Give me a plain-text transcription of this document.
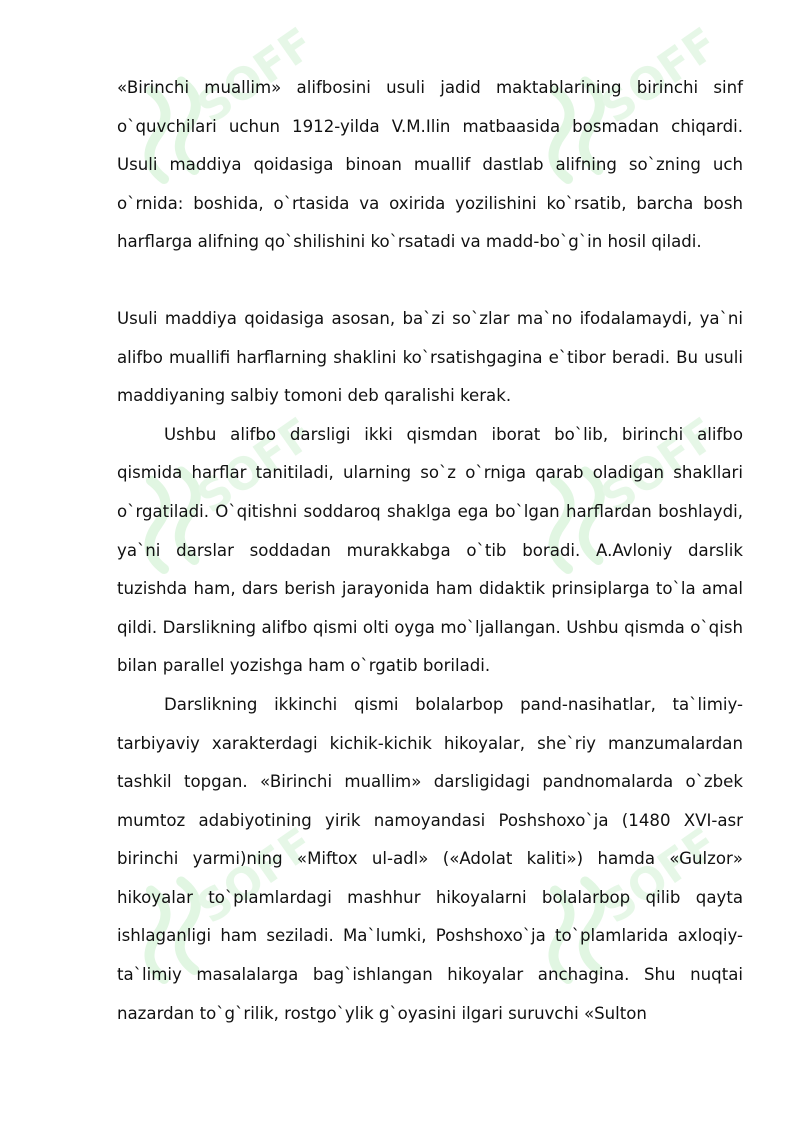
SOFF	SOFF
SOFF	SOFF
SOFF	SOFF

«Birinchi muallim» alifbosini usuli jadid maktablarining birinchi sinf o`quvchilari uchun 1912-yilda V.M.Ilin matbaasida bosmadan chiqardi. Usuli maddiya qoidasiga binoan muallif dastlab alifning so`zning uch o`rnida: boshida, o`rtasida va oxirida yozilishini ko`rsatib, barcha bosh harflarga alifning qo`shilishini ko`rsatadi va madd-bo`g`in hosil qiladi.

Usuli maddiya qoidasiga asosan, ba`zi so`zlar ma`no ifodalamaydi, ya`ni alifbo muallifi harflarning shaklini ko`rsatishgagina e`tibor beradi. Bu usuli maddiyaning salbiy tomoni deb qaralishi kerak.

Ushbu alifbo darsligi ikki qismdan iborat bo`lib, birinchi alifbo qismida harflar tanitiladi, ularning so`z o`rniga qarab oladigan shakllari o`rgatiladi. O`qitishni soddaroq shaklga ega bo`lgan harflardan boshlaydi, ya`ni darslar soddadan murakkabga o`tib boradi. A.Avloniy darslik tuzishda ham, dars berish jarayonida ham didaktik prinsiplarga to`la amal qildi. Darslikning alifbo qismi olti oyga mo`ljallangan. Ushbu qismda o`qish bilan parallel yozishga ham o`rgatib boriladi.

Darslikning ikkinchi qismi bolalarbop pand-nasihatlar, ta`limiy-tarbiyaviy xarakterdagi kichik-kichik hikoyalar, she`riy manzumalardan tashkil topgan. «Birinchi muallim» darsligidagi pandnomalarda o`zbek mumtoz adabiyotining yirik namoyandasi Poshshoxo`ja (1480 XVI-asr birinchi yarmi)ning «Miftox ul-adl» («Adolat kaliti») hamda «Gulzor» hikoyalar to`plamlardagi mashhur hikoyalarni bolalarbop qilib qayta ishlaganligi ham seziladi. Ma`lumki, Poshshoxo`ja to`plamlarida axloqiy-ta`limiy masalalarga bag`ishlangan hikoyalar anchagina. Shu nuqtai nazardan to`g`rilik, rostgo`ylik g`oyasini ilgari suruvchi «Sulton
